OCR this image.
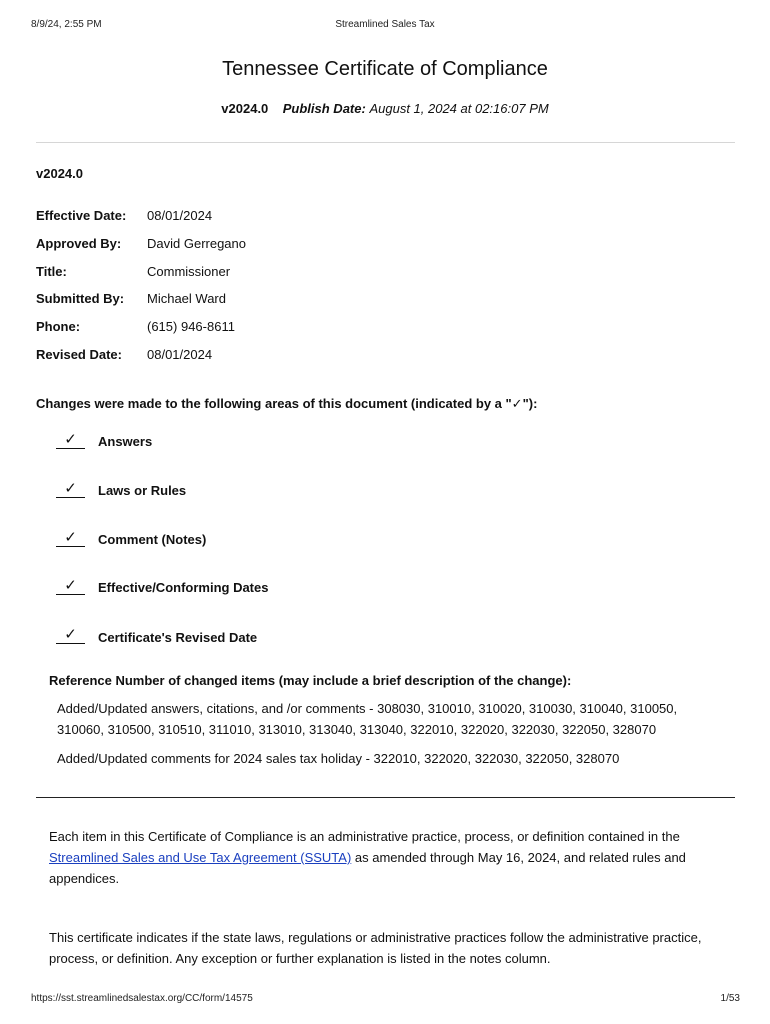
8/9/24, 2:55 PM	Streamlined Sales Tax
Tennessee Certificate of Compliance
v2024.0 Publish Date: August 1, 2024 at 02:16:07 PM
v2024.0
Effective Date: 08/01/2024
Approved By: David Gerregano
Title:	Commissioner
Submitted By: Michael Ward
Phone:	(615) 946-8611
Revised Date: 08/01/2024
Changes were made to the following areas of this document (indicated by a "✓"):
✓	Answers
✓	Laws or Rules
✓	Comment (Notes)
✓	Effective/Conforming Dates
✓	Certificate's Revised Date
Reference Number of changed items (may include a brief description of the change):
Added/Updated answers, citations, and /or comments - 308030, 310010, 310020, 310030, 310040, 310050, 310060, 310500, 310510, 311010, 313010, 313040, 313040, 322010, 322020, 322030, 322050, 328070
Added/Updated comments for 2024 sales tax holiday - 322010, 322020, 322030, 322050, 328070
Each item in this Certificate of Compliance is an administrative practice, process, or definition contained in the Streamlined Sales and Use Tax Agreement (SSUTA) as amended through May 16, 2024, and related rules and appendices.
This certificate indicates if the state laws, regulations or administrative practices follow the administrative practice, process, or definition. Any exception or further explanation is listed in the notes column.
https://sst.streamlinedsalestax.org/CC/form/14575	1/53
